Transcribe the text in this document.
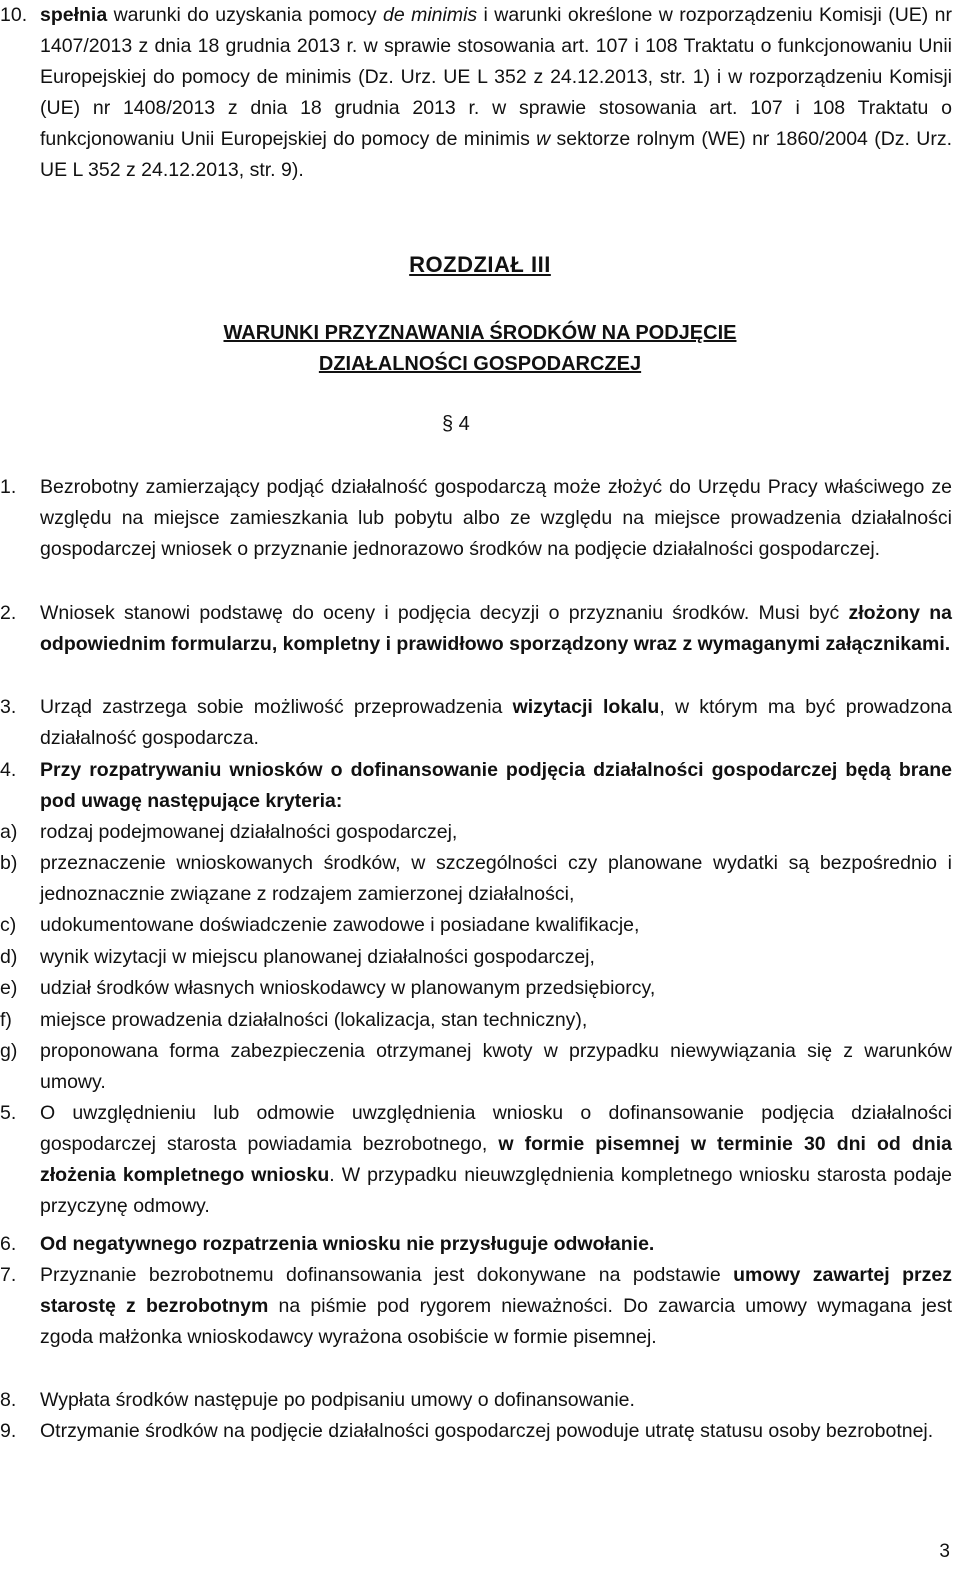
10. spełnia warunki do uzyskania pomocy de minimis i warunki określone w rozporządzeniu Komisji (UE) nr 1407/2013 z dnia 18 grudnia 2013 r. w sprawie stosowania art. 107 i 108 Traktatu o funkcjonowaniu Unii Europejskiej do pomocy de minimis (Dz. Urz. UE L 352 z 24.12.2013, str. 1) i w rozporządzeniu Komisji (UE) nr 1408/2013 z dnia 18 grudnia 2013 r. w sprawie stosowania art. 107 i 108 Traktatu o funkcjonowaniu Unii Europejskiej do pomocy de minimis w sektorze rolnym (WE) nr 1860/2004 (Dz. Urz. UE L 352 z 24.12.2013, str. 9).
ROZDZIAŁ III
WARUNKI PRZYZNAWANIA ŚRODKÓW NA PODJĘCIE
DZIAŁALNOŚCI GOSPODARCZEJ
§ 4
1. Bezrobotny zamierzający podjąć działalność gospodarczą może złożyć do Urzędu Pracy właściwego ze względu na miejsce zamieszkania lub pobytu albo ze względu na miejsce prowadzenia działalności gospodarczej wniosek o przyznanie jednorazowo środków na podjęcie działalności gospodarczej.
2. Wniosek stanowi podstawę do oceny i podjęcia decyzji o przyznaniu środków. Musi być złożony na odpowiednim formularzu, kompletny i prawidłowo sporządzony wraz z wymaganymi załącznikami.
3. Urząd zastrzega sobie możliwość przeprowadzenia wizytacji lokalu, w którym ma być prowadzona działalność gospodarcza.
4. Przy rozpatrywaniu wniosków o dofinansowanie podjęcia działalności gospodarczej będą brane pod uwagę następujące kryteria:
a) rodzaj podejmowanej działalności gospodarczej,
b) przeznaczenie wnioskowanych środków, w szczególności czy planowane wydatki są bezpośrednio i jednoznacznie związane z rodzajem zamierzonej działalności,
c) udokumentowane doświadczenie zawodowe i posiadane kwalifikacje,
d) wynik wizytacji w miejscu planowanej działalności gospodarczej,
e) udział środków własnych wnioskodawcy w planowanym przedsiębiorcy,
f) miejsce prowadzenia działalności (lokalizacja, stan techniczny),
g) proponowana forma zabezpieczenia otrzymanej kwoty w przypadku niewywiązania się z warunków umowy.
5. O uwzględnieniu lub odmowie uwzględnienia wniosku o dofinansowanie podjęcia działalności gospodarczej starosta powiadamia bezrobotnego, w formie pisemnej w terminie 30 dni od dnia złożenia kompletnego wniosku. W przypadku nieuwzględnienia kompletnego wniosku starosta podaje przyczynę odmowy.
6. Od negatywnego rozpatrzenia wniosku nie przysługuje odwołanie.
7. Przyznanie bezrobotnemu dofinansowania jest dokonywane na podstawie umowy zawartej przez starostę z bezrobotnym na piśmie pod rygorem nieważności. Do zawarcia umowy wymagana jest zgoda małżonka wnioskodawcy wyrażona osobiście w formie pisemnej.
8. Wypłata środków następuje po podpisaniu umowy o dofinansowanie.
9. Otrzymanie środków na podjęcie działalności gospodarczej powoduje utratę statusu osoby bezrobotnej.
3
